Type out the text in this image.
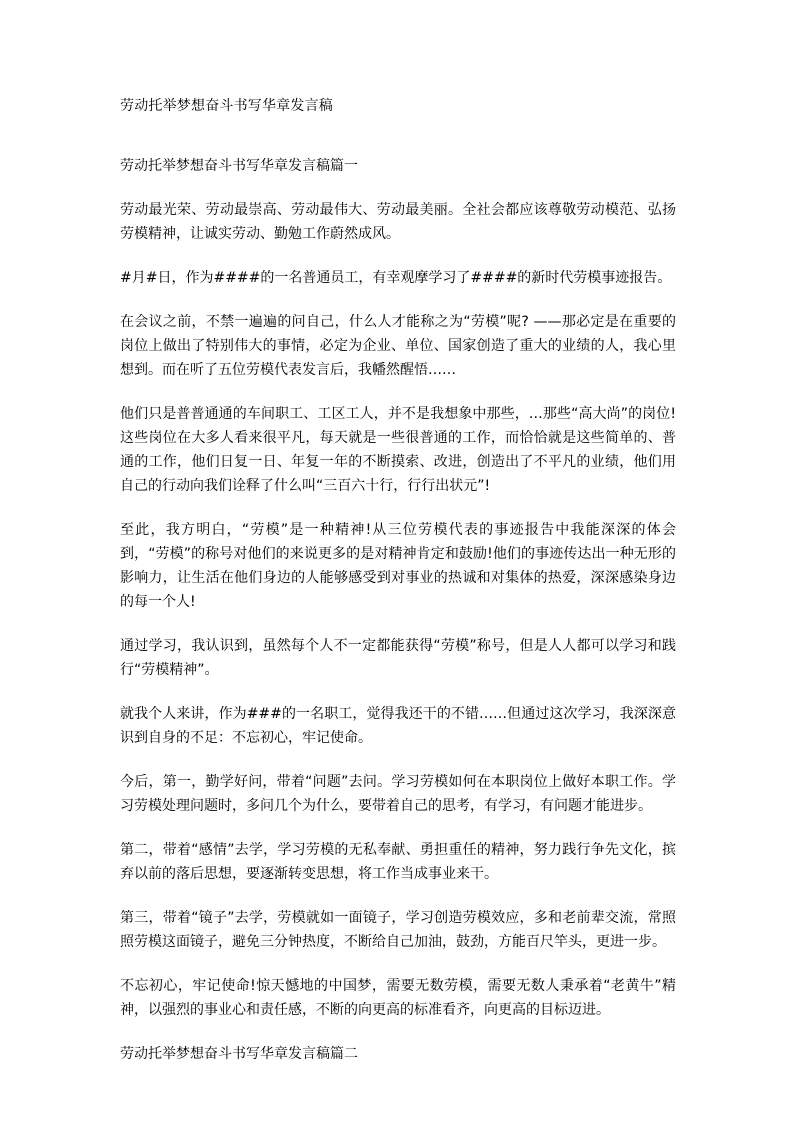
劳动托举梦想奋斗书写华章发言稿
劳动托举梦想奋斗书写华章发言稿篇一

劳动最光荣、劳动最崇高、劳动最伟大、劳动最美丽。全社会都应该尊敬劳动模范、弘扬劳模精神，让诚实劳动、勤勉工作蔚然成风。

#月#日，作为####的一名普通员工，有幸观摩学习了####的新时代劳模事迹报告。

在会议之前，不禁一遍遍的问自己，什么人才能称之为“劳模”呢? ——那必定是在重要的岗位上做出了特别伟大的事情，必定为企业、单位、国家创造了重大的业绩的人，我心里想到。而在听了五位劳模代表发言后，我幡然醒悟……

他们只是普普通通的车间职工、工区工人，并不是我想象中那些，…那些“高大尚”的岗位!这些岗位在大多人看来很平凡，每天就是一些很普通的工作，而恰恰就是这些简单的、普通的工作，他们日复一日、年复一年的不断摸索、改进，创造出了不平凡的业绩，他们用自己的行动向我们诠释了什么叫“三百六十行，行行出状元”!

至此，我方明白，“劳模”是一种精神!从三位劳模代表的事迹报告中我能深深的体会到，“劳模”的称号对他们的来说更多的是对精神肯定和鼓励!他们的事迹传达出一种无形的影响力，让生活在他们身边的人能够感受到对事业的热诚和对集体的热爱，深深感染身边的每一个人!

通过学习，我认识到，虽然每个人不一定都能获得“劳模”称号，但是人人都可以学习和践行“劳模精神”。

就我个人来讲，作为###的一名职工，觉得我还干的不错……但通过这次学习，我深深意识到自身的不足：不忘初心，牢记使命。

今后，第一，勤学好问，带着“问题”去问。学习劳模如何在本职岗位上做好本职工作。学习劳模处理问题时，多问几个为什么，要带着自己的思考，有学习，有问题才能进步。

第二，带着“感情”去学，学习劳模的无私奉献、勇担重任的精神，努力践行争先文化，摈弃以前的落后思想，要逐渐转变思想，将工作当成事业来干。

第三，带着“镜子”去学，劳模就如一面镜子，学习创造劳模效应，多和老前辈交流，常照照劳模这面镜子，避免三分钟热度，不断给自己加油，鼓劲，方能百尺竿头，更进一步。

不忘初心，牢记使命!惊天憾地的中国梦，需要无数劳模，需要无数人秉承着“老黄牛”精神，以强烈的事业心和责任感，不断的向更高的标准看齐，向更高的目标迈进。

劳动托举梦想奋斗书写华章发言稿篇二
